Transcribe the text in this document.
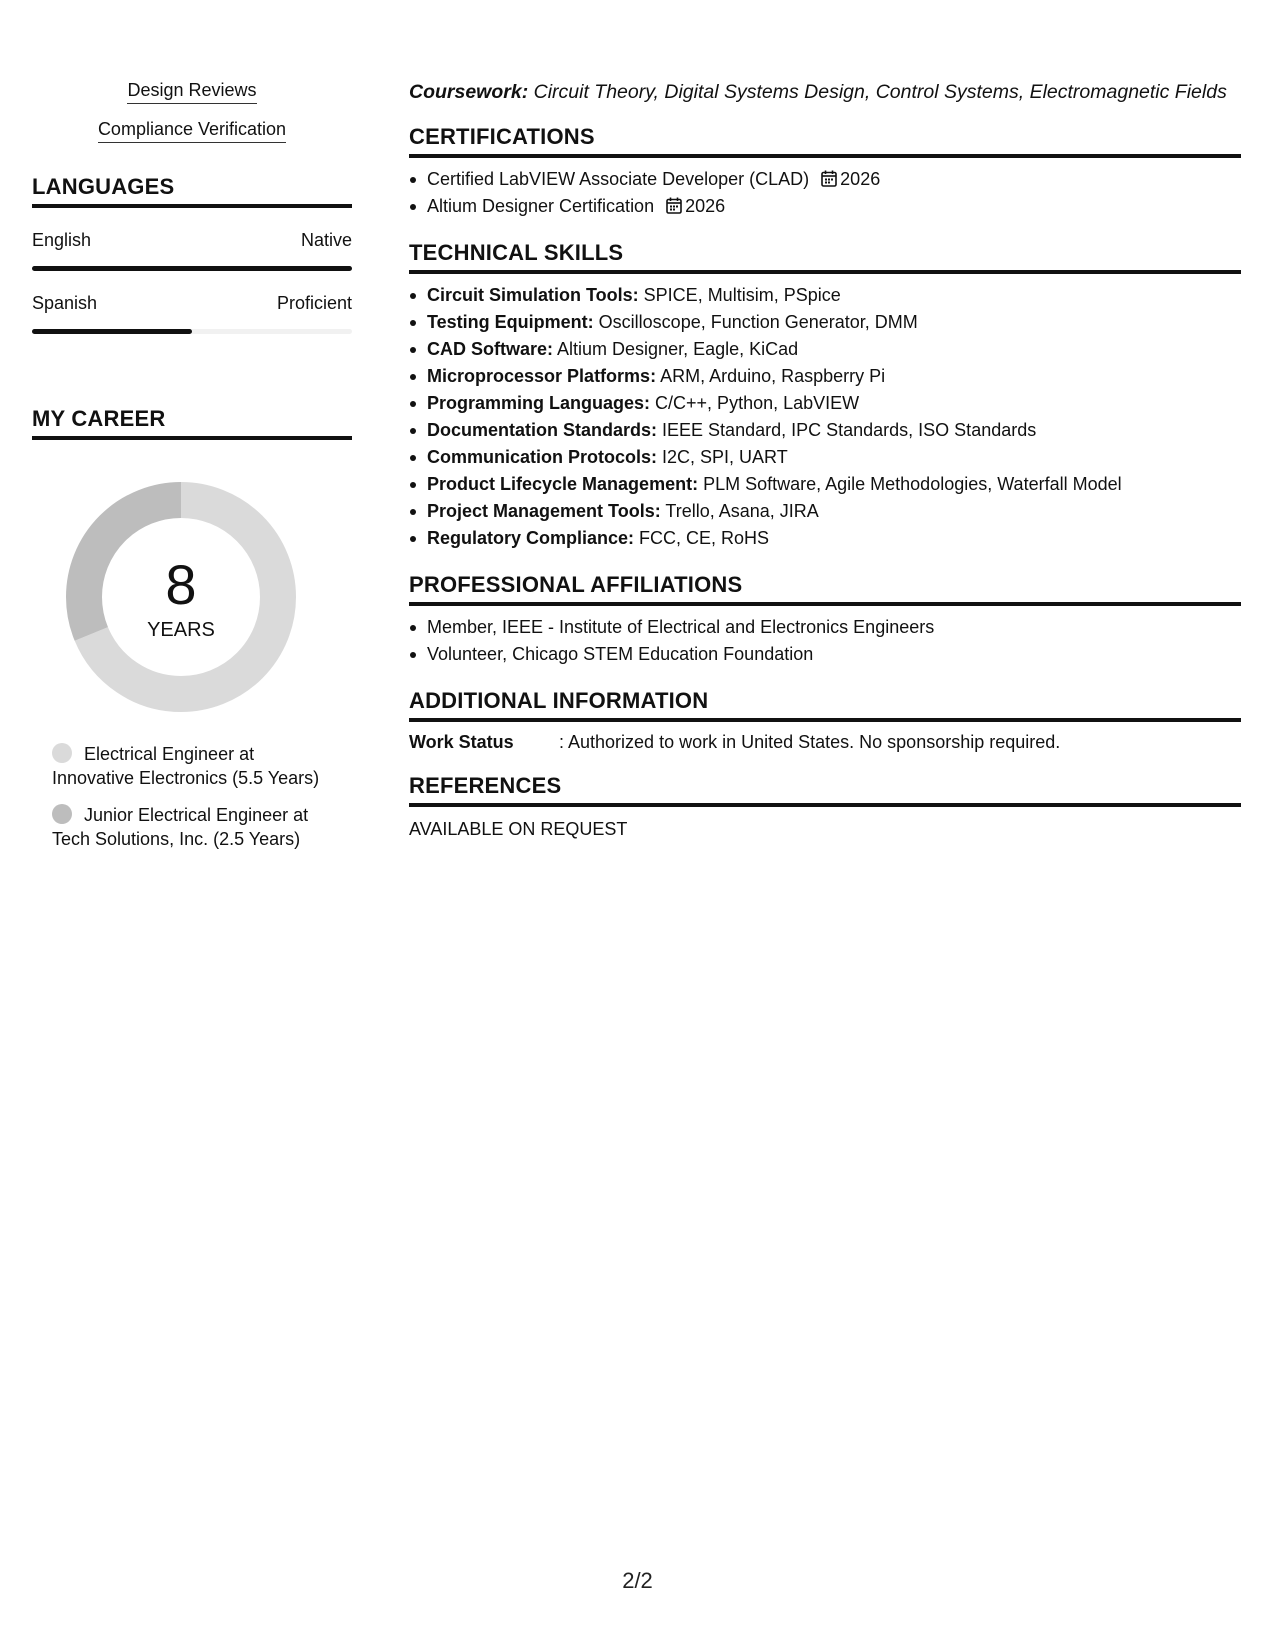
Design Reviews
Compliance Verification
LANGUAGES
English	Native
Spanish	Proficient
MY CAREER
8
YEARS
Electrical Engineer at Innovative Electronics (5.5 Years)
Junior Electrical Engineer at Tech Solutions, Inc. (2.5 Years)
Coursework: Circuit Theory, Digital Systems Design, Control Systems, Electromagnetic Fields
CERTIFICATIONS
Certified LabVIEW Associate Developer (CLAD) 2026
Altium Designer Certification 2026
TECHNICAL SKILLS
Circuit Simulation Tools: SPICE, Multisim, PSpice
Testing Equipment: Oscilloscope, Function Generator, DMM
CAD Software: Altium Designer, Eagle, KiCad
Microprocessor Platforms: ARM, Arduino, Raspberry Pi
Programming Languages: C/C++, Python, LabVIEW
Documentation Standards: IEEE Standard, IPC Standards, ISO Standards
Communication Protocols: I2C, SPI, UART
Product Lifecycle Management: PLM Software, Agile Methodologies, Waterfall Model
Project Management Tools: Trello, Asana, JIRA
Regulatory Compliance: FCC, CE, RoHS
PROFESSIONAL AFFILIATIONS
Member, IEEE - Institute of Electrical and Electronics Engineers
Volunteer, Chicago STEM Education Foundation
ADDITIONAL INFORMATION
Work Status	: Authorized to work in United States. No sponsorship required.
REFERENCES
AVAILABLE ON REQUEST
2/2
